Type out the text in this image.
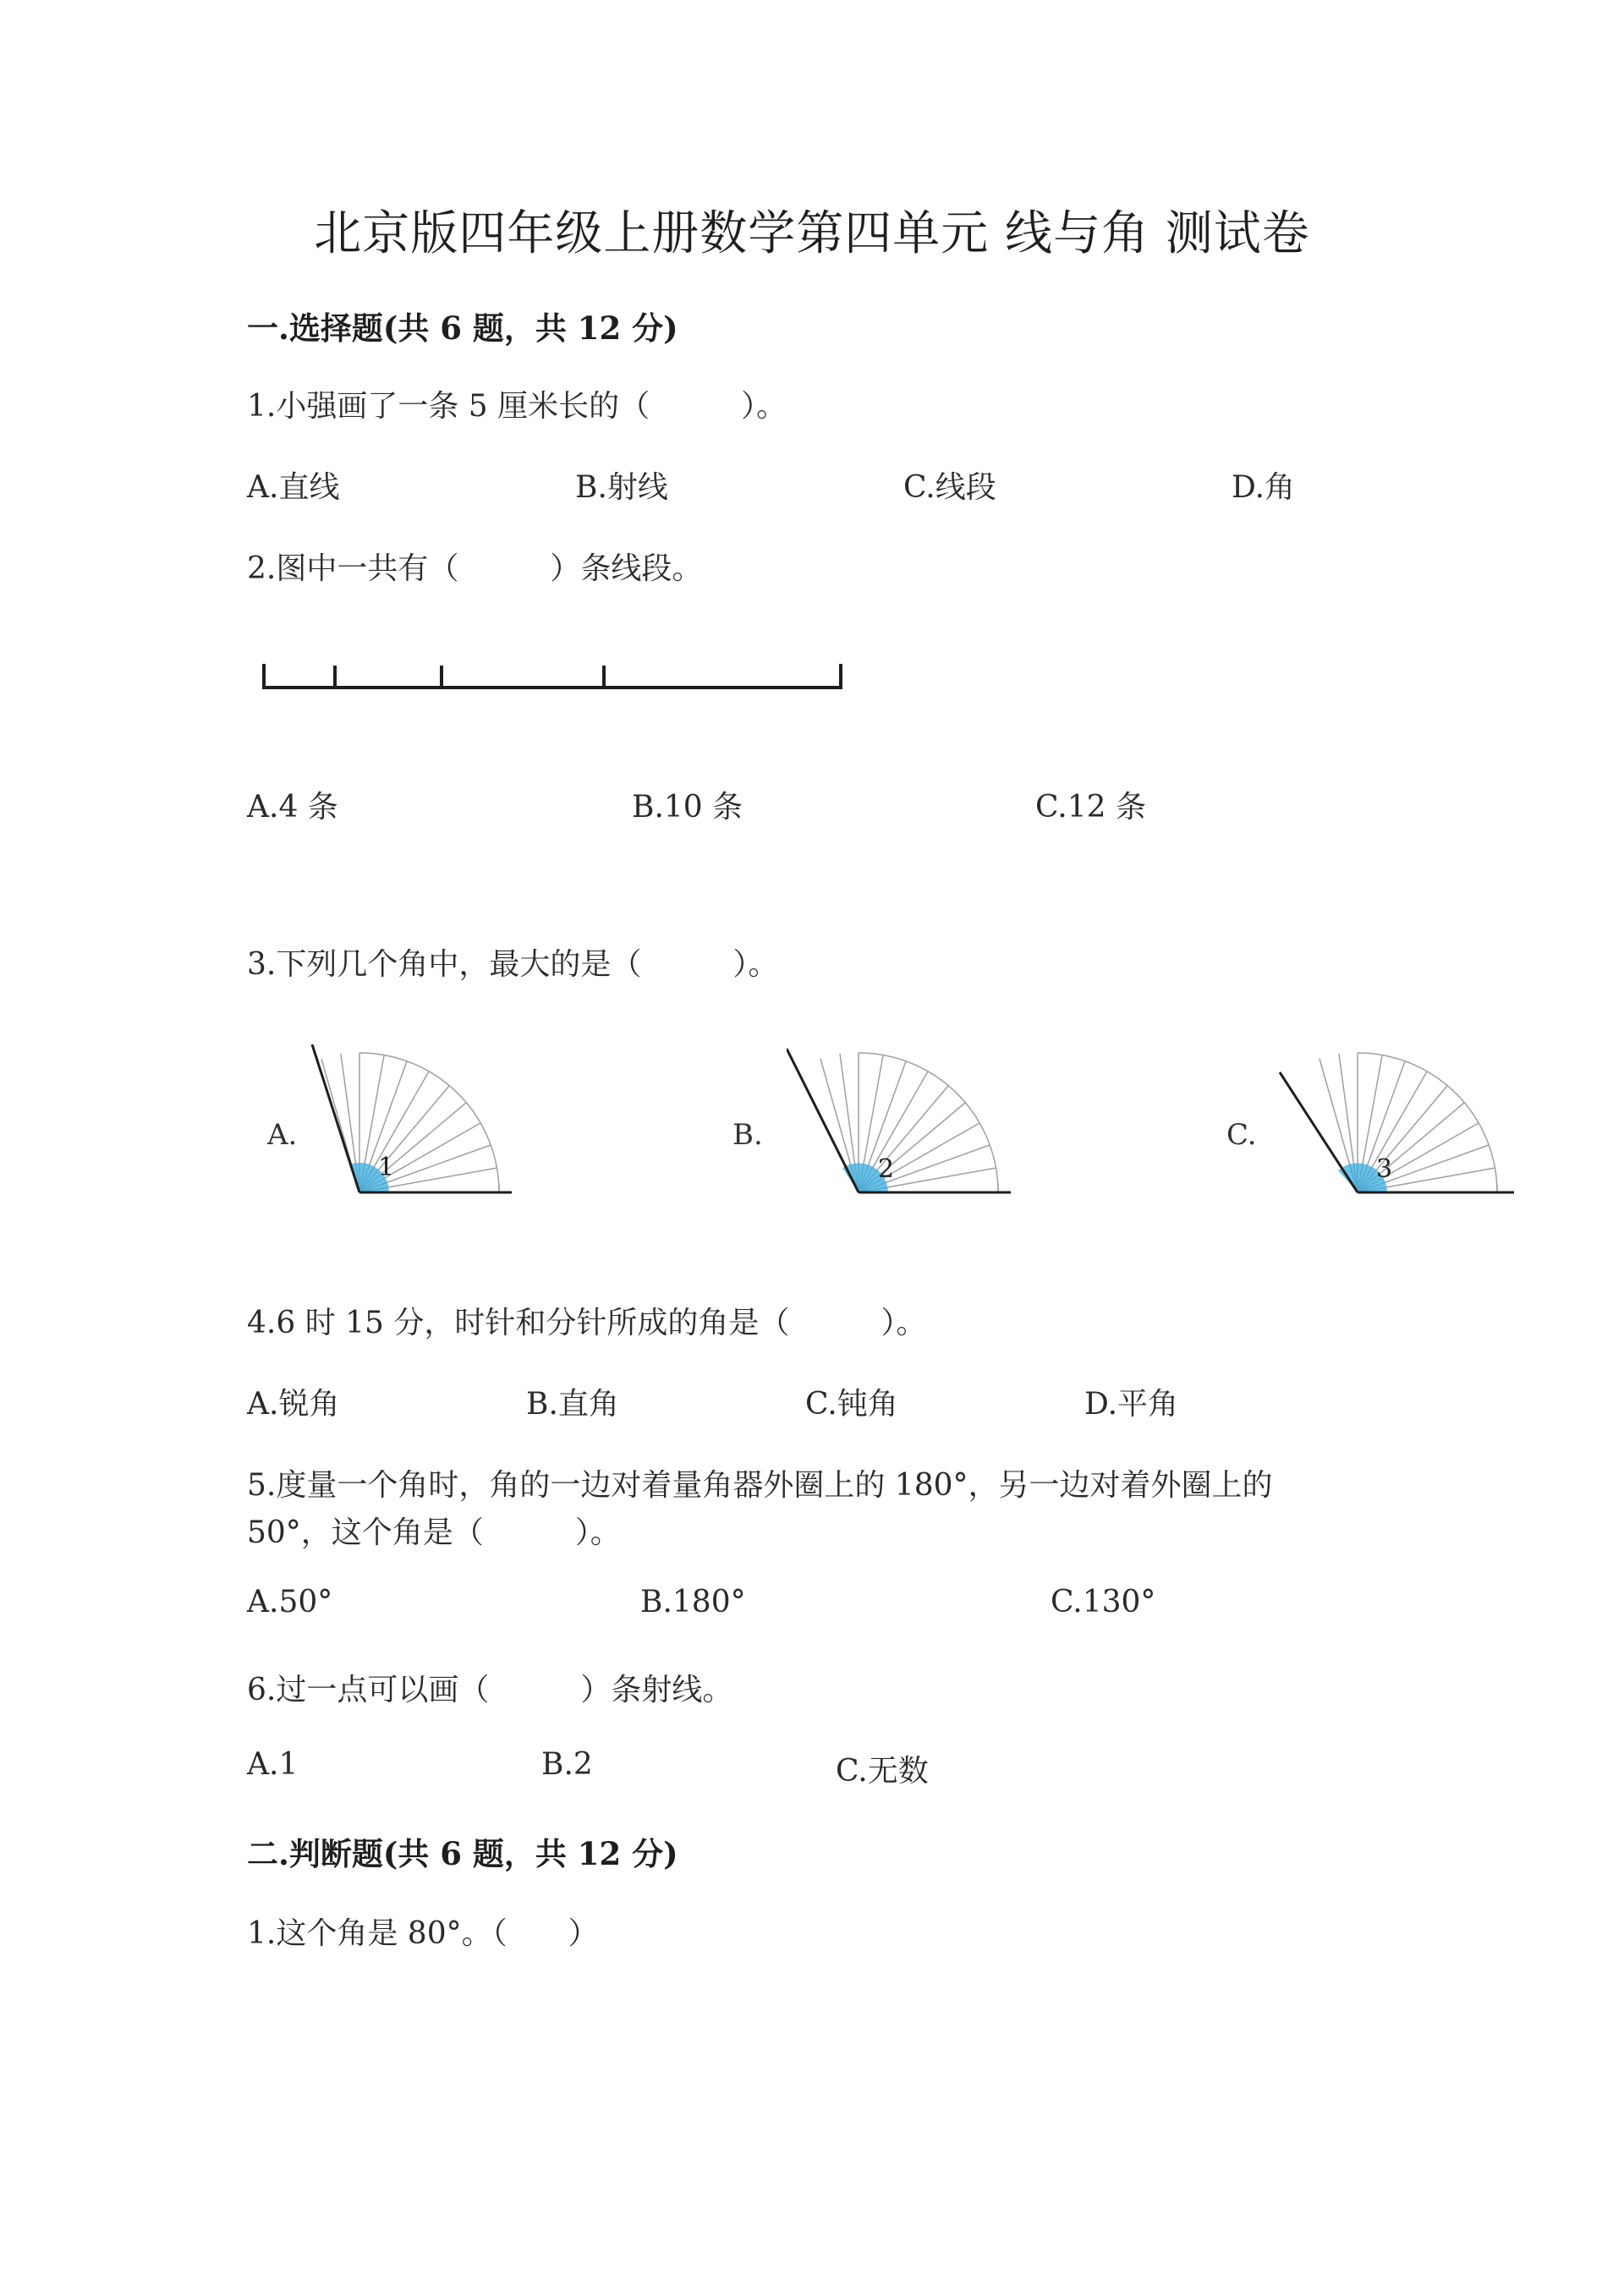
北京版四年级上册数学第四单元 线与角 测试卷
一.选择题(共 6 题，共 12 分)
1.小强画了一条 5 厘米长的（　　　）。
A.直线	B.射线	C.线段	D.角
2.图中一共有（　　　）条线段。
A.4 条	B.10 条	C.12 条
3.下列几个角中，最大的是（　　　）。
A.
1
B.
2
C.
3
4.6 时 15 分，时针和分针所成的角是（　　　）。
A.锐角	B.直角	C.钝角	D.平角
5.度量一个角时，角的一边对着量角器外圈上的 180°，另一边对着外圈上的
50°，这个角是（　　　）。
A.50°	B.180°	C.130°
6.过一点可以画（　　　）条射线。
A.1	B.2	C.无数
二.判断题(共 6 题，共 12 分)
1.这个角是 80°。（　　）
